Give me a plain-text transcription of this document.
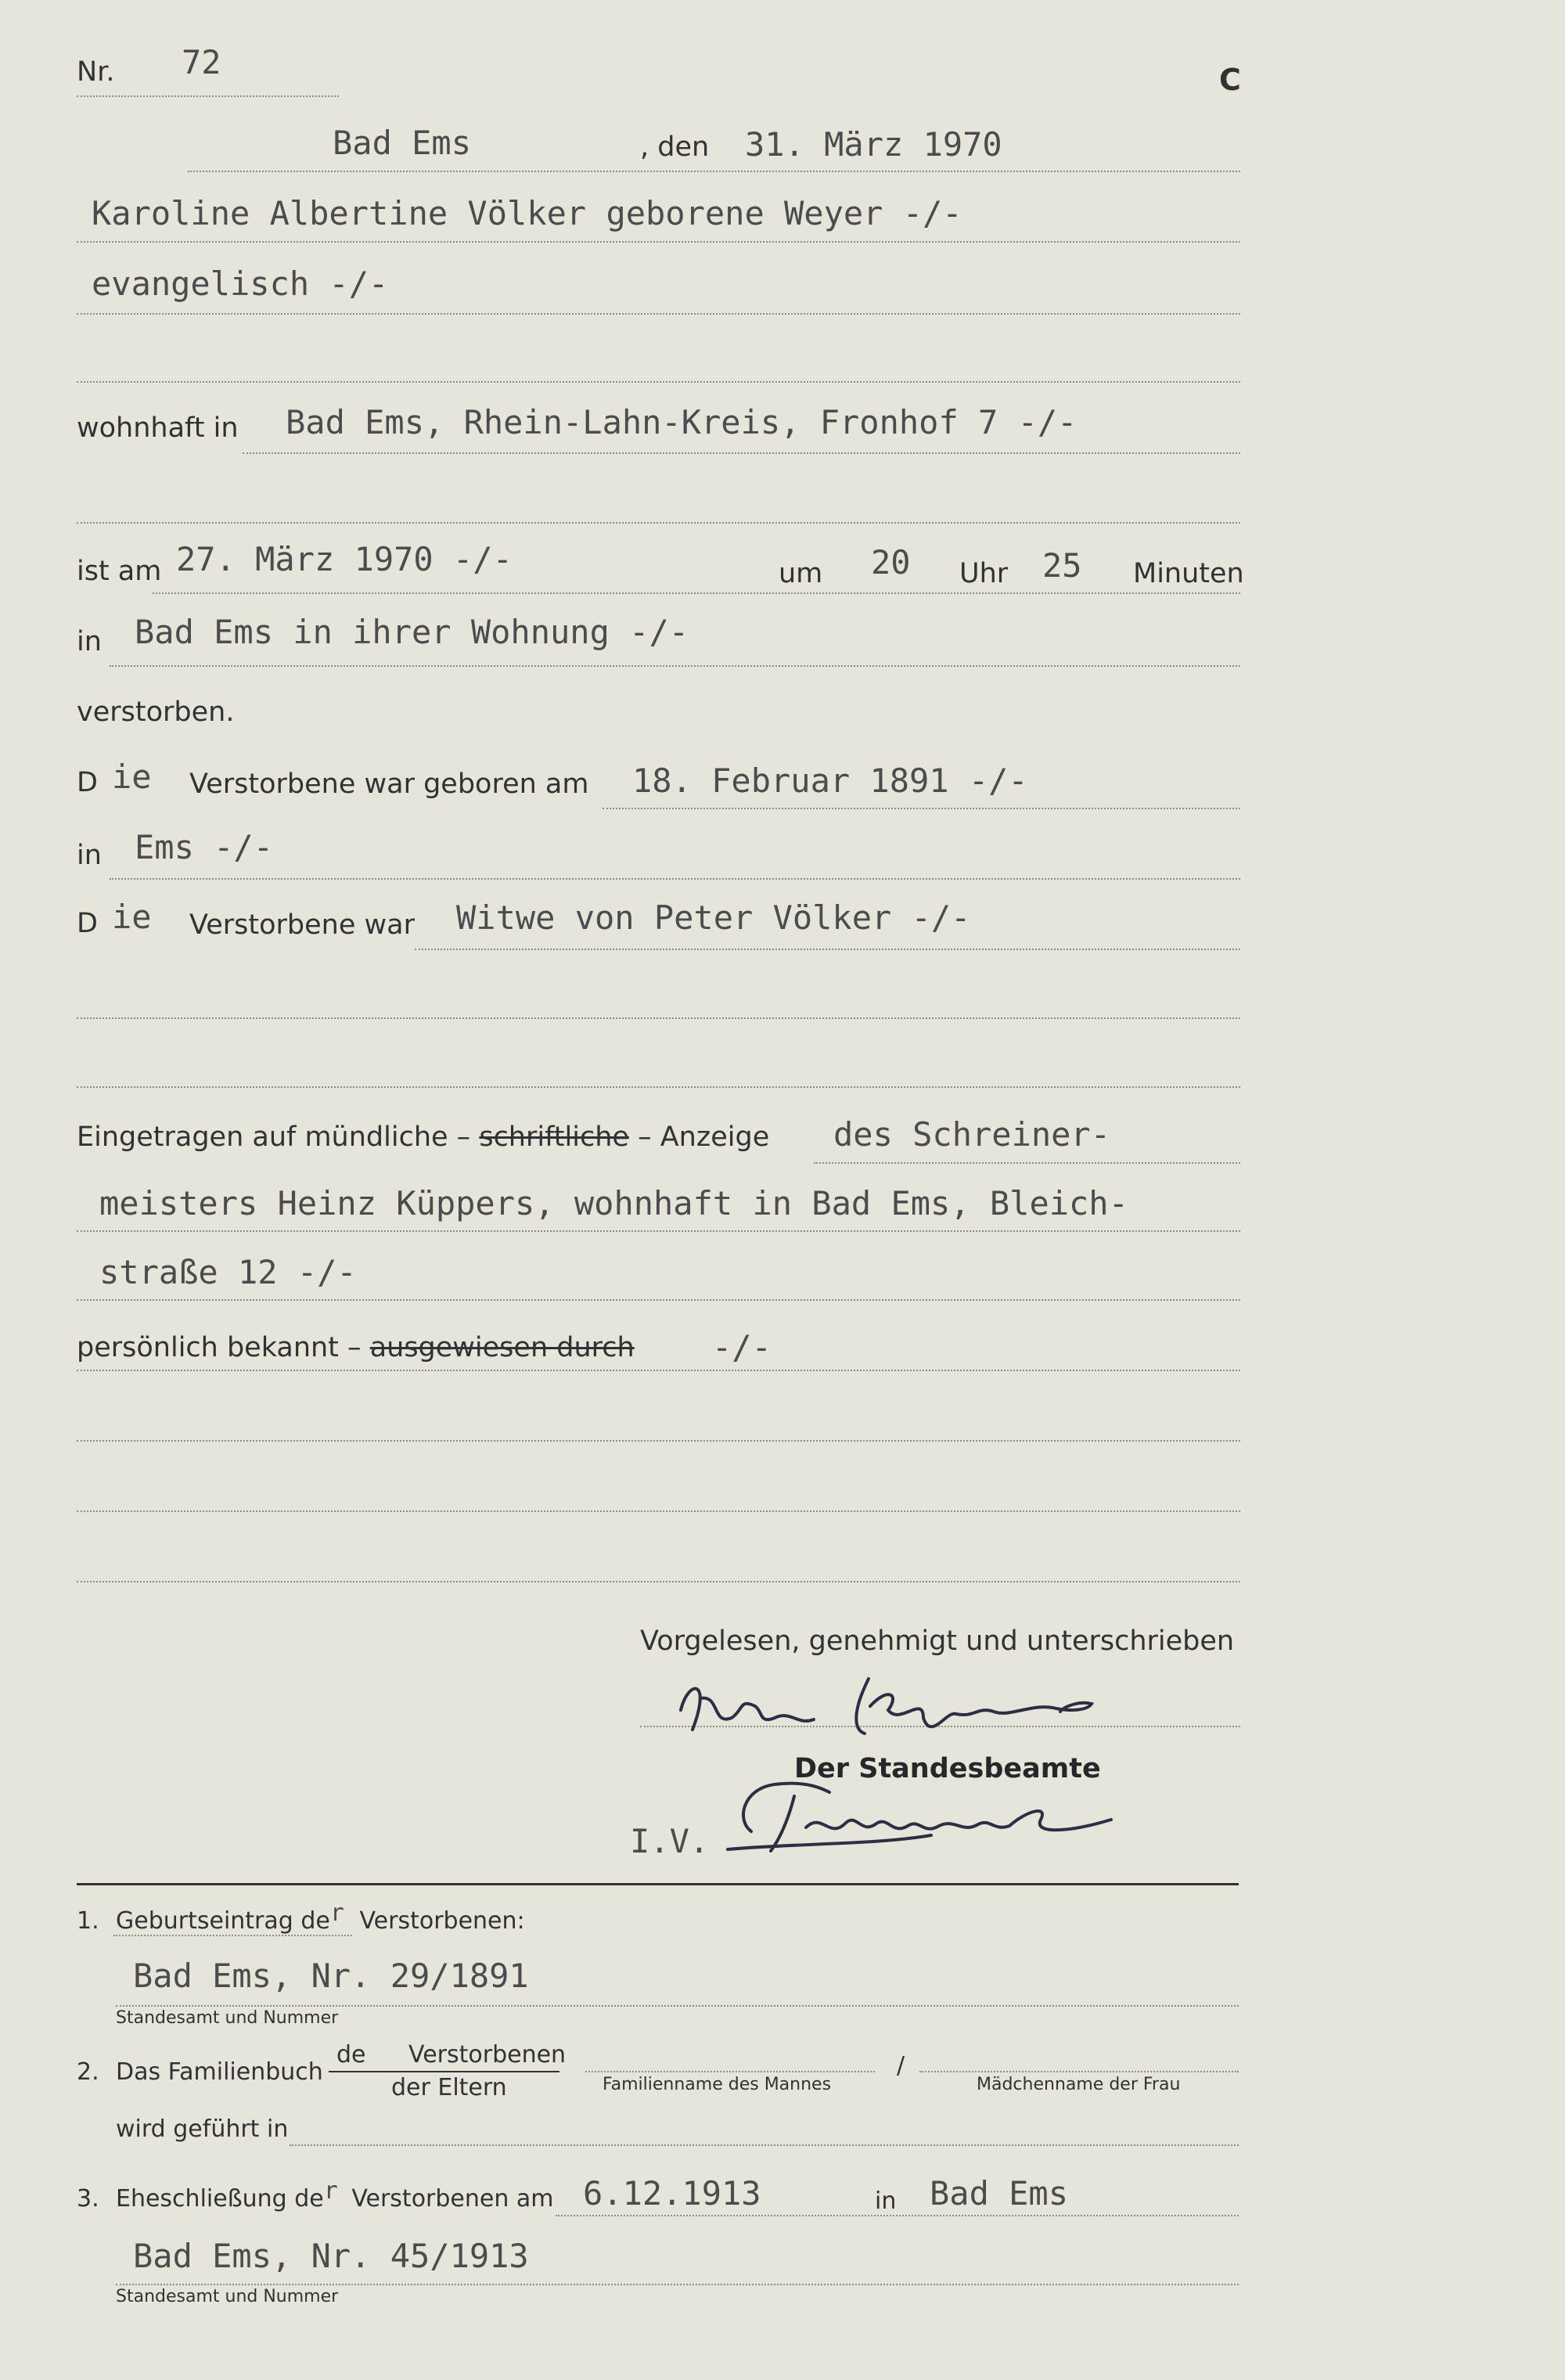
Nr. 72	C
Bad Ems	, den 31. März 1970
Karoline Albertine Völker geborene Weyer -/-
evangelisch -/-
wohnhaft in Bad Ems, Rhein-Lahn-Kreis, Fronhof 7 -/-
ist am 27. März 1970 -/-	um 20 Uhr 25 Minuten
in Bad Ems in ihrer Wohnung -/-
verstorben.
D ie Verstorbene war geboren am 18. Februar 1891 -/-
in Ems -/-
D ie Verstorbene war Witwe von Peter Völker -/-
Eingetragen auf mündliche – schriftliche – Anzeige des Schreiner-
meisters Heinz Küppers, wohnhaft in Bad Ems, Bleich-
straße 12 -/-
persönlich bekannt – ausgewiesen durch -/-
Vorgelesen, genehmigt und unterschrieben
Der Standesbeamte
I.V.
1. Geburtseintrag der Verstorbenen:
Bad Ems, Nr. 29/1891
Standesamt und Nummer
2. Das Familienbuch
de Verstorbenen
der Eltern	Familienname des Mannes
/
Mädchenname der Frau
wird geführt in
3. Eheschließung der Verstorbenen am 6.12.1913	in Bad Ems
Bad Ems, Nr. 45/1913
Standesamt und Nummer
